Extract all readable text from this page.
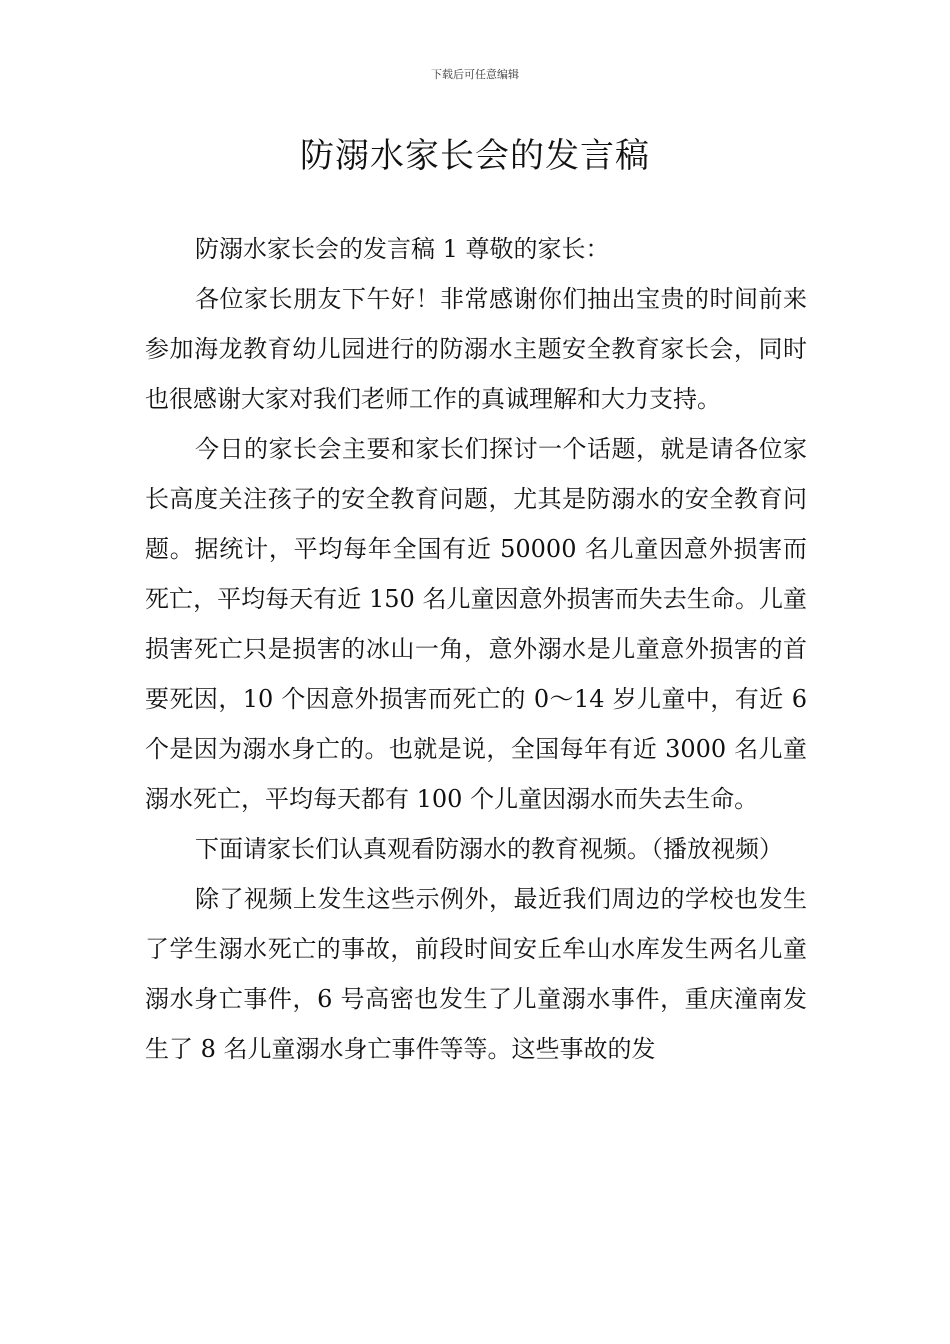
下载后可任意编辑
防溺水家长会的发言稿

防溺水家长会的发言稿 1 尊敬的家长：

各位家长朋友下午好！非常感谢你们抽出宝贵的时间前来参加海龙教育幼儿园进行的防溺水主题安全教育家长会，同时也很感谢大家对我们老师工作的真诚理解和大力支持。

今日的家长会主要和家长们探讨一个话题，就是请各位家长高度关注孩子的安全教育问题，尤其是防溺水的安全教育问题。据统计，平均每年全国有近 50000 名儿童因意外损害而死亡，平均每天有近 150 名儿童因意外损害而失去生命。儿童损害死亡只是损害的冰山一角，意外溺水是儿童意外损害的首要死因，10 个因意外损害而死亡的 0～14 岁儿童中，有近 6 个是因为溺水身亡的。也就是说，全国每年有近 3000 名儿童溺水死亡，平均每天都有 100 个儿童因溺水而失去生命。

下面请家长们认真观看防溺水的教育视频。（播放视频）

除了视频上发生这些示例外，最近我们周边的学校也发生了学生溺水死亡的事故，前段时间安丘牟山水库发生两名儿童溺水身亡事件，6 号高密也发生了儿童溺水事件，重庆潼南发生了 8 名儿童溺水身亡事件等等。这些事故的发
